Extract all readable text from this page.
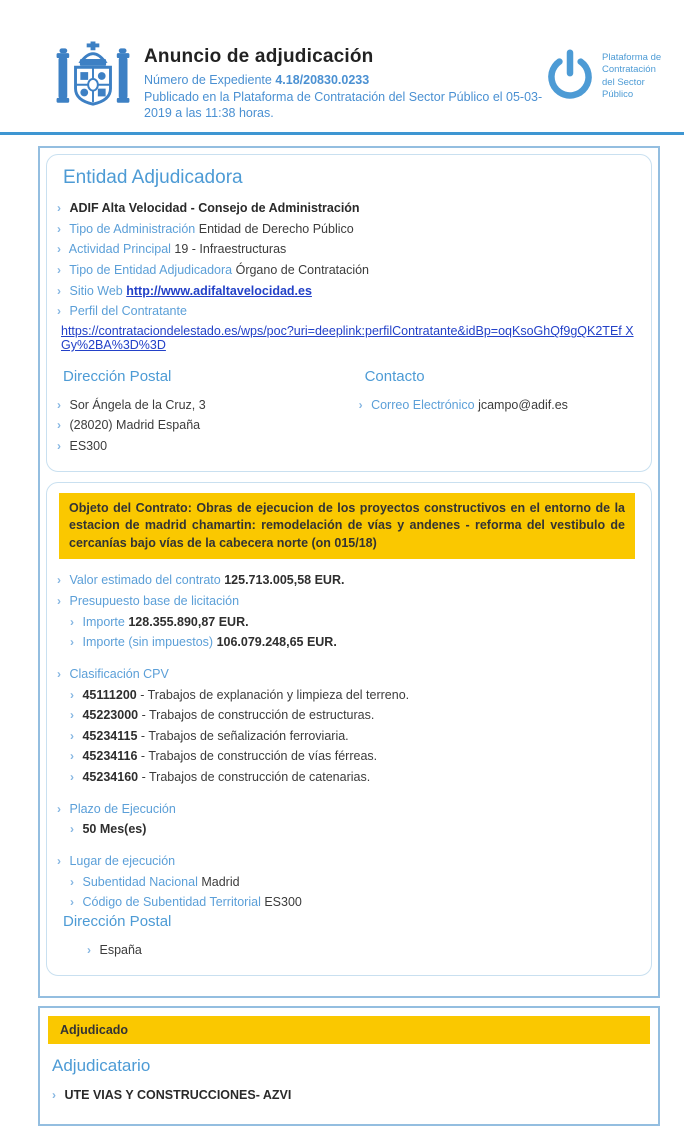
Anuncio de adjudicación
Número de Expediente 4.18/20830.0233
Publicado en la Plataforma de Contratación del Sector Público el 05-03-2019 a las 11:38 horas.
Plataforma de Contratación del Sector Público
Entidad Adjudicadora
› ADIF Alta Velocidad - Consejo de Administración
› Tipo de Administración Entidad de Derecho Público
› Actividad Principal 19 - Infraestructuras
› Tipo de Entidad Adjudicadora Órgano de Contratación
› Sitio Web http://www.adifaltavelocidad.es
› Perfil del Contratante
https://contrataciondelestado.es/wps/poc?uri=deeplink:perfilContratante&idBp=oqKsoGhQf9gQK2TEf XGy%2BA%3D%3D
Dirección Postal
› Sor Ángela de la Cruz, 3
› (28020) Madrid España
› ES300
Contacto
› Correo Electrónico jcampo@adif.es
Objeto del Contrato: Obras de ejecucion de los proyectos constructivos en el entorno de la estacion de madrid chamartin: remodelación de vías y andenes - reforma del vestibulo de cercanías bajo vías de la cabecera norte (on 015/18)
› Valor estimado del contrato 125.713.005,58 EUR.
› Presupuesto base de licitación
› Importe 128.355.890,87 EUR.
› Importe (sin impuestos) 106.079.248,65 EUR.
› Clasificación CPV
› 45111200 - Trabajos de explanación y limpieza del terreno.
› 45223000 - Trabajos de construcción de estructuras.
› 45234115 - Trabajos de señalización ferroviaria.
› 45234116 - Trabajos de construcción de vías férreas.
› 45234160 - Trabajos de construcción de catenarias.
› Plazo de Ejecución
› 50 Mes(es)
› Lugar de ejecución
› Subentidad Nacional Madrid
› Código de Subentidad Territorial ES300
Dirección Postal
› España
Adjudicado
Adjudicatario
› UTE VIAS Y CONSTRUCCIONES- AZVI
